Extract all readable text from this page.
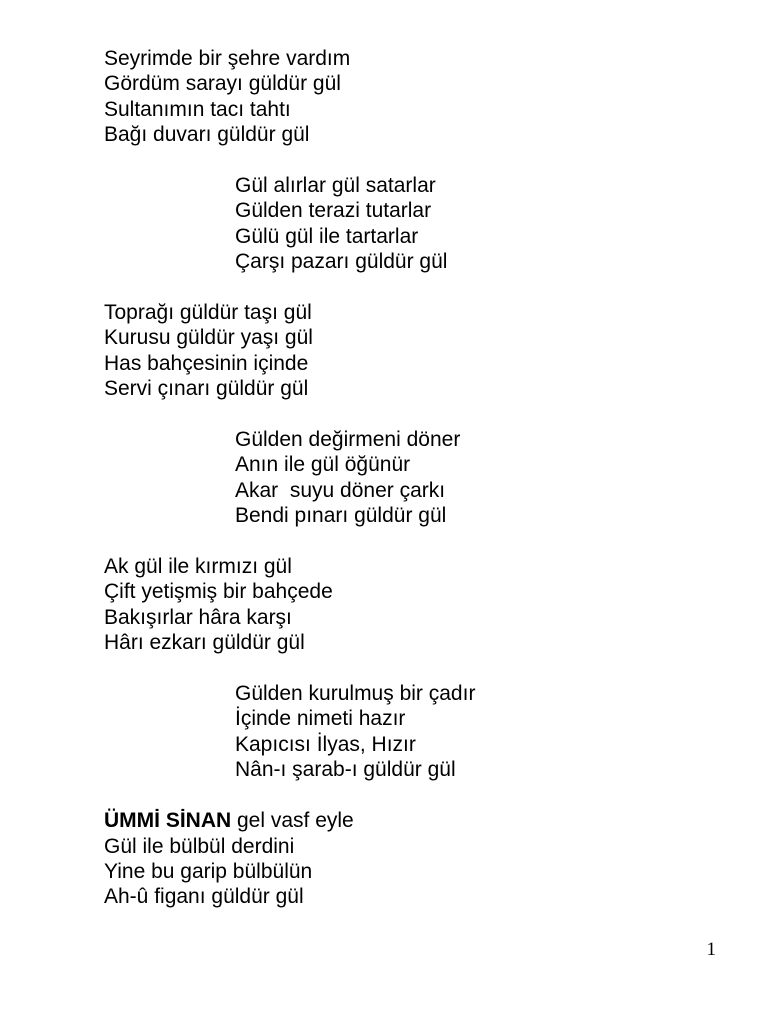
Seyrimde bir şehre vardım
Gördüm sarayı güldür gül
Sultanımın tacı tahtı
Bağı duvarı güldür gül
Gül alırlar gül satarlar
Gülden terazi tutarlar
Gülü gül ile tartarlar
Çarşı pazarı güldür gül
Toprağı güldür taşı gül
Kurusu güldür yaşı gül
Has bahçesinin içinde
Servi çınarı güldür gül
Gülden değirmeni döner
Anın ile gül öğünür
Akar  suyu döner çarkı
Bendi pınarı güldür gül
Ak gül ile kırmızı gül
Çift yetişmiş bir bahçede
Bakışırlar hâra karşı
Hârı ezkarı güldür gül
Gülden kurulmuş bir çadır
İçinde nimeti hazır
Kapıcısı İlyas, Hızır
Nân-ı şarab-ı güldür gül
ÜMMİ SİNAN gel vasf eyle
Gül ile bülbül derdini
Yine bu garip bülbülün
Ah-û figanı güldür gül
1
